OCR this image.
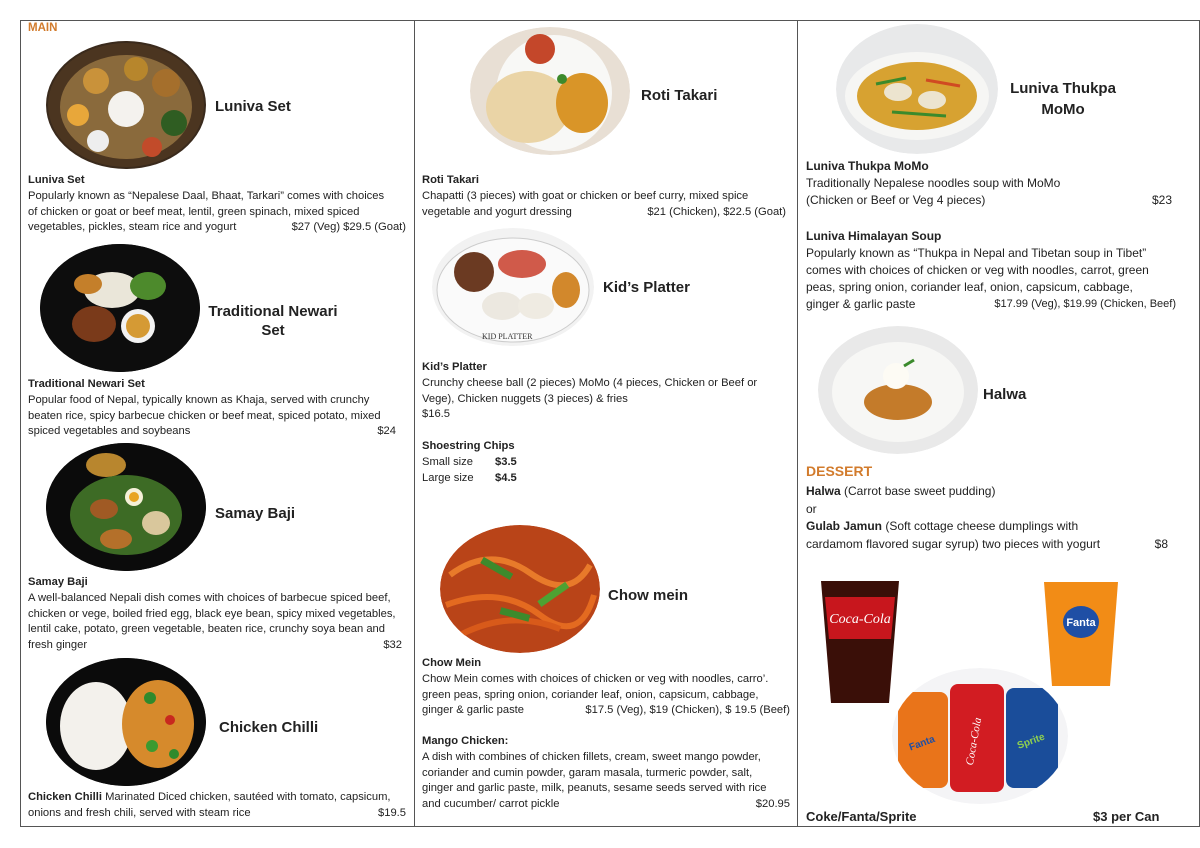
MAIN
Luniva Set
Luniva Set
Popularly known as “Nepalese Daal, Bhaat, Tarkari” comes with choices
of chicken or goat or beef meat, lentil, green spinach, mixed spiced
vegetables, pickles, steam rice and yogurt	$27 (Veg) $29.5 (Goat)
Traditional Newari
Set
Traditional Newari Set
Popular food of Nepal, typically known as Khaja, served with crunchy
beaten rice, spicy barbecue chicken or beef meat, spiced potato, mixed
spiced vegetables and soybeans	$24
Samay Baji
Samay Baji
A well-balanced Nepali dish comes with choices of barbecue spiced beef,
chicken or vege, boiled fried egg, black eye bean, spicy mixed vegetables,
lentil cake, potato, green vegetable, beaten rice, crunchy soya bean and
fresh ginger	$32
Chicken Chilli
Chicken Chilli Marinated Diced chicken, sautéed with tomato, capsicum,
onions and fresh chili, served with steam rice	$19.5
Roti Takari
Roti Takari
Chapatti (3 pieces) with goat or chicken or beef curry, mixed spice
vegetable and yogurt dressing	$21 (Chicken), $22.5 (Goat)
KID PLATTER
Kid’s Platter
Kid’s Platter
Crunchy cheese ball (2 pieces) MoMo (4 pieces, Chicken or Beef or
Vege), Chicken nuggets (3 pieces) & fries
$16.5
Shoestring Chips
Small size $3.5
Large size $4.5
Chow mein
Chow Mein
Chow Mein comes with choices of chicken or veg with noodles, carro’.
green peas, spring onion, coriander leaf, onion, capsicum, cabbage,
ginger & garlic paste	$17.5 (Veg), $19 (Chicken), $ 19.5 (Beef)
Mango Chicken:
A dish with combines of chicken fillets, cream, sweet mango powder,
coriander and cumin powder, garam masala, turmeric powder, salt,
ginger and garlic paste, milk, peanuts, sesame seeds served with rice
and cucumber/ carrot pickle	$20.95
Luniva Thukpa
MoMo
Luniva Thukpa MoMo
Traditionally Nepalese noodles soup with MoMo
(Chicken or Beef or Veg 4 pieces)	$23
Luniva Himalayan Soup
Popularly known as “Thukpa in Nepal and Tibetan soup in Tibet”
comes with choices of chicken or veg with noodles, carrot, green
peas, spring onion, coriander leaf, onion, capsicum, cabbage,
ginger & garlic paste	$17.99 (Veg), $19.99 (Chicken, Beef)
Halwa
DESSERT
Halwa (Carrot base sweet pudding)
or
Gulab Jamun (Soft cottage cheese dumplings with
cardamom flavored sugar syrup) two pieces with yogurt	$8
Coca-Cola	Fanta
Fanta Coca-Cola	Sprite
Coke/Fanta/Sprite	$3 per Can
